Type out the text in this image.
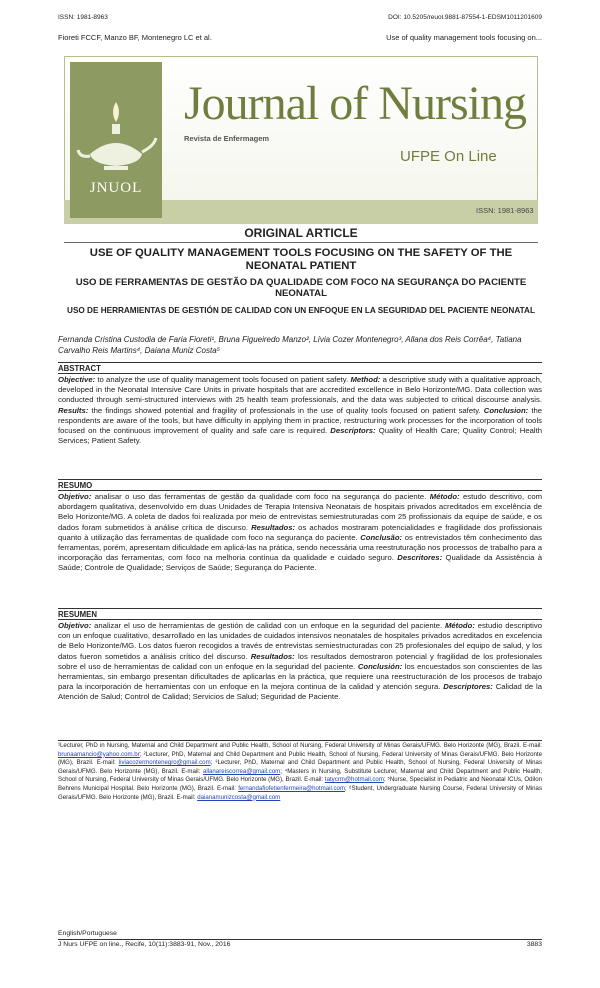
ISSN: 1981-8963	DOI: 10.5205/reuol.9881-87554-1-EDSM1011201609
Fioreti FCCF, Manzo BF, Montenegro LC et al.	Use of quality management tools focusing on...
JNUOL
Journal of Nursing
Revista de Enfermagem
UFPE On Line
ISSN: 1981-8963
ORIGINAL ARTICLE
USE OF QUALITY MANAGEMENT TOOLS FOCUSING ON THE SAFETY OF THE NEONATAL PATIENT
USO DE FERRAMENTAS DE GESTÃO DA QUALIDADE COM FOCO NA SEGURANÇA DO PACIENTE NEONATAL
USO DE HERRAMIENTAS DE GESTIÓN DE CALIDAD CON UN ENFOQUE EN LA SEGURIDAD DEL PACIENTE NEONATAL
Fernanda Cristina Custodia de Faria Fioreti¹, Bruna Figueiredo Manzo², Lívia Cozer Montenegro³, Allana dos Reis Corrêa⁴, Tatiana Carvalho Reis Martins⁴, Daiana Muniz Costa⁵
ABSTRACT
Objective: to analyze the use of quality management tools focused on patient safety. Method: a descriptive study with a qualitative approach, developed in the Neonatal Intensive Care Units in private hospitals that are accredited excellence in Belo Horizonte/MG. Data collection was conducted through semi-structured interviews with 25 health team professionals, and the data was subjected to critical discourse analysis. Results: the findings showed potential and fragility of professionals in the use of quality tools focused on patient safety. Conclusion: the respondents are aware of the tools, but have difficulty in applying them in practice, restructuring work processes for the incorporation of tools focused on the continuous improvement of quality and safe care is required. Descriptors: Quality of Health Care; Quality Control; Health Services; Patient Safety.
RESUMO
Objetivo: analisar o uso das ferramentas de gestão da qualidade com foco na segurança do paciente. Método: estudo descritivo, com abordagem qualitativa, desenvolvido em duas Unidades de Terapia Intensiva Neonatais de hospitais privados acreditados em excelência de Belo Horizonte/MG. A coleta de dados foi realizada por meio de entrevistas semiestruturadas com 25 profissionais da equipe de saúde, e os dados foram submetidos à análise crítica de discurso. Resultados: os achados mostraram potencialidades e fragilidade dos profissionais quanto à utilização das ferramentas de qualidade com foco na segurança do paciente. Conclusão: os entrevistados têm conhecimento das ferramentas, porém, apresentam dificuldade em aplicá-las na prática, sendo necessária uma reestruturação nos processos de trabalho para a incorporação das ferramentas, com foco na melhoria contínua da qualidade e cuidado seguro. Descritores: Qualidade da Assistência à Saúde; Controle de Qualidade; Serviços de Saúde; Segurança do Paciente.
RESUMEN
Objetivo: analizar el uso de herramientas de gestión de calidad con un enfoque en la seguridad del paciente. Método: estudio descriptivo con un enfoque cualitativo, desarrollado en las unidades de cuidados intensivos neonatales de hospitales privados acreditados en excelencia de Belo Horizonte/MG. Los datos fueron recogidos a través de entrevistas semiestructuradas con 25 profesionales del equipo de salud, y los datos fueron sometidos a análisis crítico del discurso. Resultados: los resultados demostraron potencial y fragilidad de los profesionales sobre el uso de herramientas de calidad con un enfoque en la seguridad del paciente. Conclusión: los encuestados son conscientes de las herramientas, sin embargo presentan dificultades de aplicarlas en la práctica, que requiere una reestructuración de los procesos de trabajo para la incorporación de herramientas con un enfoque en la mejora continua de la calidad y atención segura. Descriptores: Calidad de la Atención de Salud; Control de Calidad; Servicios de Salud; Seguridad de Paciente.
¹Lecturer, PhD in Nursing, Maternal and Child Department and Public Health, School of Nursing, Federal University of Minas Gerais/UFMG. Belo Horizonte (MG), Brazil. E-mail: brunaamancio@yahoo.com.br; ²Lecturer, PhD, Maternal and Child Department and Public Health, School of Nursing, Federal University of Minas Gerais/UFMG. Belo Horizonte (MG), Brazil. E-mail: liviacozermontenegro@gmail.com; ³Lecturer, PhD, Maternal and Child Department and Public Health, School of Nursing, Federal University of Minas Gerais/UFMG. Belo Horizonte (MG), Brazil. E-mail: allanareiscorrea@gmail.com; ⁴Masters in Nursing, Substitute Lecturer, Maternal and Child Department and Public Health, School of Nursing, Federal University of Minas Gerais/UFMG. Belo Horizonte (MG), Brazil. E-mail: tatycrm@hotmail.com; ⁵Nurse, Specialist in Pediatric and Neonatal ICUs, Odilon Behrens Municipal Hospital. Belo Horizonte (MG), Brazil. E-mail: fernandafiofetienfermeira@hotmail.com; ⁶Student, Undergraduate Nursing Course, Federal University of Minas Gerais/UFMG. Belo Horizonte (MG), Brazil. E-mail: daianamunizcosta@gmail.com
English/Portuguese
J Nurs UFPE on line., Recife, 10(11):3883-91, Nov., 2016	3883
